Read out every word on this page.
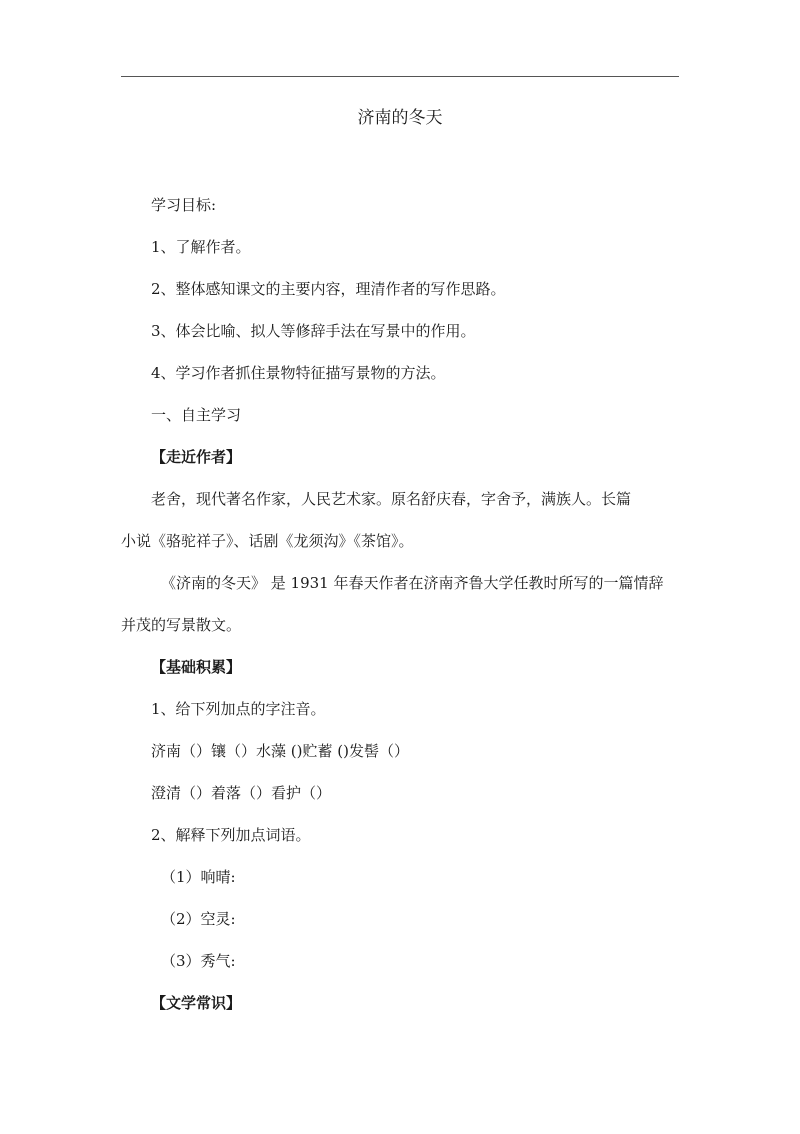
济南的冬天
学习目标:
1、了解作者。
2、整体感知课文的主要内容，理清作者的写作思路。
3、体会比喻、拟人等修辞手法在写景中的作用。
4、学习作者抓住景物特征描写景物的方法。
一、自主学习
【走近作者】
老舍，现代著名作家，人民艺术家。原名舒庆春，字舍予，满族人。长篇
小说《骆驼祥子》、话剧《龙须沟》《茶馆》。
《济南的冬天》 是 1931 年春天作者在济南齐鲁大学任教时所写的一篇情辞
并茂的写景散文。
【基础积累】
1、给下列加点的字注音。
济南（）镶（）水藻 ()贮蓄 ()发髻（）
澄清（）着落（）看护（）
2、解释下列加点词语。
（1）响晴:
（2）空灵:
（3）秀气:
【文学常识】
